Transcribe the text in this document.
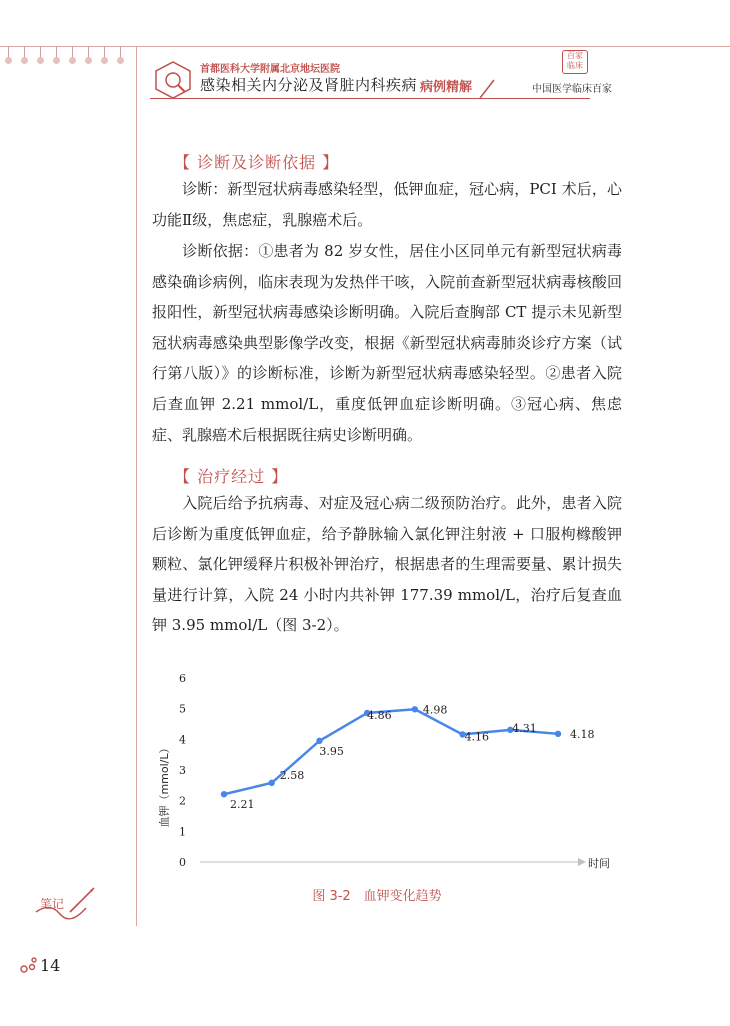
首都医科大学附属北京地坛医院
感染相关内分泌及肾脏内科疾病 病例精解
百家 临床
中国医学临床百家
【 诊断及诊断依据 】

诊断：新型冠状病毒感染轻型，低钾血症，冠心病，PCI 术后，心功能Ⅱ级，焦虑症，乳腺癌术后。

诊断依据：①患者为 82 岁女性，居住小区同单元有新型冠状病毒感染确诊病例，临床表现为发热伴干咳，入院前查新型冠状病毒核酸回报阳性，新型冠状病毒感染诊断明确。入院后查胸部 CT 提示未见新型冠状病毒感染典型影像学改变，根据《新型冠状病毒肺炎诊疗方案（试行第八版）》的诊断标准，诊断为新型冠状病毒感染轻型。②患者入院后查血钾 2.21 mmol/L，重度低钾血症诊断明确。③冠心病、焦虑症、乳腺癌术后根据既往病史诊断明确。

【 治疗经过 】

入院后给予抗病毒、对症及冠心病二级预防治疗。此外，患者入院后诊断为重度低钾血症，给予静脉输入氯化钾注射液 + 口服枸橼酸钾颗粒、氯化钾缓释片积极补钾治疗，根据患者的生理需要量、累计损失量进行计算，入院 24 小时内共补钾 177.39 mmol/L，治疗后复查血钾 3.95 mmol/L（图 3-2）。

0
1
2
3
4
5
6
血钾（mmol/L）
时间
2.21
2.58
3.95
4.86	4.98
4.16
4.31	4.18
图 3-2　血钾变化趋势
笔记
14
